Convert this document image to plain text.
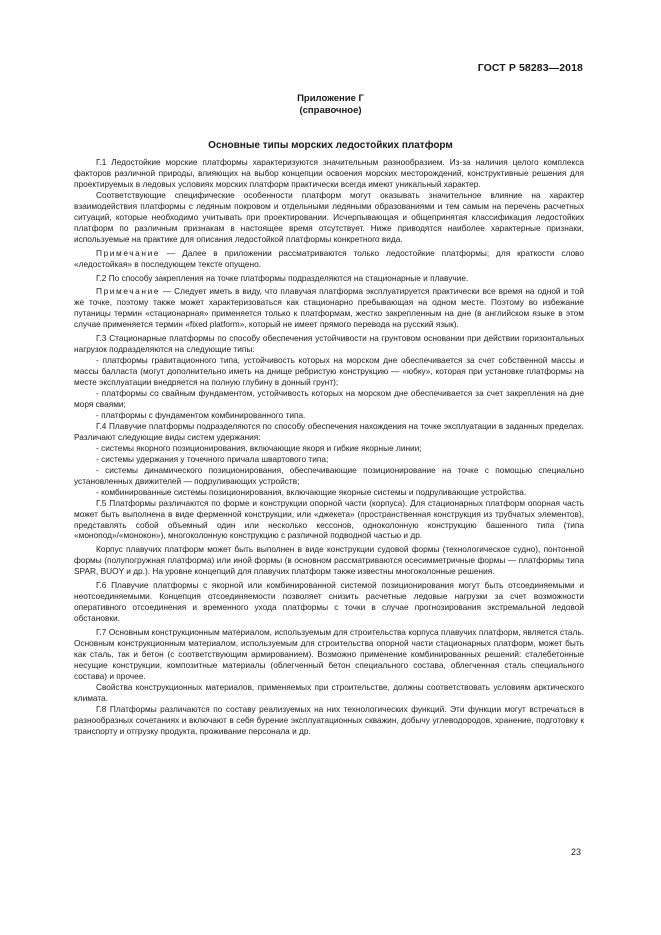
ГОСТ Р 58283—2018
Приложение Г
(справочное)
Основные типы морских ледостойких платформ

Г.1 Ледостойкие морские платформы характеризуются значительным разнообразием. Из-за наличия целого комплекса факторов различной природы, влияющих на выбор концепции освоения морских месторождений, конструктивные решения для проектируемых в ледовых условиях морских платформ практически всегда имеют уникальный характер.

Соответствующие специфические особенности платформ могут оказывать значительное влияние на характер взаимодействия платформы с ледяным покровом и отдельными ледяными образованиями и тем самым на перечень расчетных ситуаций, которые необходимо учитывать при проектировании. Исчерпывающая и общепринятая классификация ледостойких платформ по различным признакам в настоящее время отсутствует. Ниже приводятся наиболее характерные признаки, используемые на практике для описания ледостойкой платформы конкретного вида.

Примечание — Далее в приложении рассматриваются только ледостойкие платформы; для краткости слово «ледостойкая» в последующем тексте опущено.

Г.2 По способу закрепления на точке платформы подразделяются на стационарные и плавучие.

Примечание — Следует иметь в виду, что плавучая платформа эксплуатируется практически все время на одной и той же точке, поэтому также может характеризоваться как стационарно пребывающая на одном месте. Поэтому во избежание путаницы термин «стационарная» применяется только к платформам, жестко закрепленным на дне (в английском языке в этом случае применяется термин «fixed platform», который не имеет прямого перевода на русский язык).

Г.3 Стационарные платформы по способу обеспечения устойчивости на грунтовом основании при действии горизонтальных нагрузок подразделяются на следующие типы:

- платформы гравитационного типа, устойчивость которых на морском дне обеспечивается за счет собственной массы и массы балласта (могут дополнительно иметь на днище ребристую конструкцию — «юбку», которая при установке платформы на месте эксплуатации внедряется на полную глубину в донный грунт);

- платформы со свайным фундаментом, устойчивость которых на морском дне обеспечивается за счет закрепления на дне моря сваями;

- платформы с фундаментом комбинированного типа.

Г.4 Плавучие платформы подразделяются по способу обеспечения нахождения на точке эксплуатации в заданных пределах. Различают следующие виды систем удержания:

- системы якорного позиционирования, включающие якоря и гибкие якорные линии;

- системы удержания у точечного причала швартового типа;

- системы динамического позиционирования, обеспечивающие позиционирование на точке с помощью специально установленных движителей — подруливающих устройств;

- комбинированные системы позиционирования, включающие якорные системы и подруливающие устройства.

Г.5 Платформы различаются по форме и конструкции опорной части (корпуса). Для стационарных платформ опорная часть может быть выполнена в виде ферменной конструкции, или «джекета» (пространственная конструкция из трубчатых элементов), представлять собой объемный один или несколько кессонов, одноколонную конструкцию башенного типа (типа «моноnод»/«монокон»), многоколонную конструкцию с различной подводной частью и др.

Корпус плавучих платформ может быть выполнен в виде конструкции судовой формы (технологическое судно), понтонной формы (полупогружная платформа) или иной формы (в основном рассматриваются осесимметричные формы — платформы типа SPAR, BUOY и др.). На уровне концепций для плавучих платформ также известны многоколонные решения.

Г.6 Плавучие платформы с якорной или комбинированной системой позиционирования могут быть отсоединяемыми и неотсоединяемыми. Концепция отсоединяемости позволяет снизить расчетные ледовые нагрузки за счет возможности оперативного отсоединения и временного ухода платформы с точки в случае прогнозирования экстремальной ледовой обстановки.

Г.7 Основным конструкционным материалом, используемым для строительства корпуса плавучих платформ, является сталь. Основным конструкционным материалом, используемым для строительства опорной части стационарных платформ, может быть как сталь, так и бетон (с соответствующим армированием). Возможно применение комбинированных решений: сталебетонные несущие конструкции, композитные материалы (облегченный бетон специального состава, облегченная сталь специального состава) и прочее.

Свойства конструкционных материалов, применяемых при строительстве, должны соответствовать условиям арктического климата.

Г.8 Платформы различаются по составу реализуемых на них технологических функций. Эти функции могут встречаться в разнообразных сочетаниях и включают в себя бурение эксплуатационных скважин, добычу углеводородов, хранение, подготовку к транспорту и отгрузку продукта, проживание персонала и др.

23
